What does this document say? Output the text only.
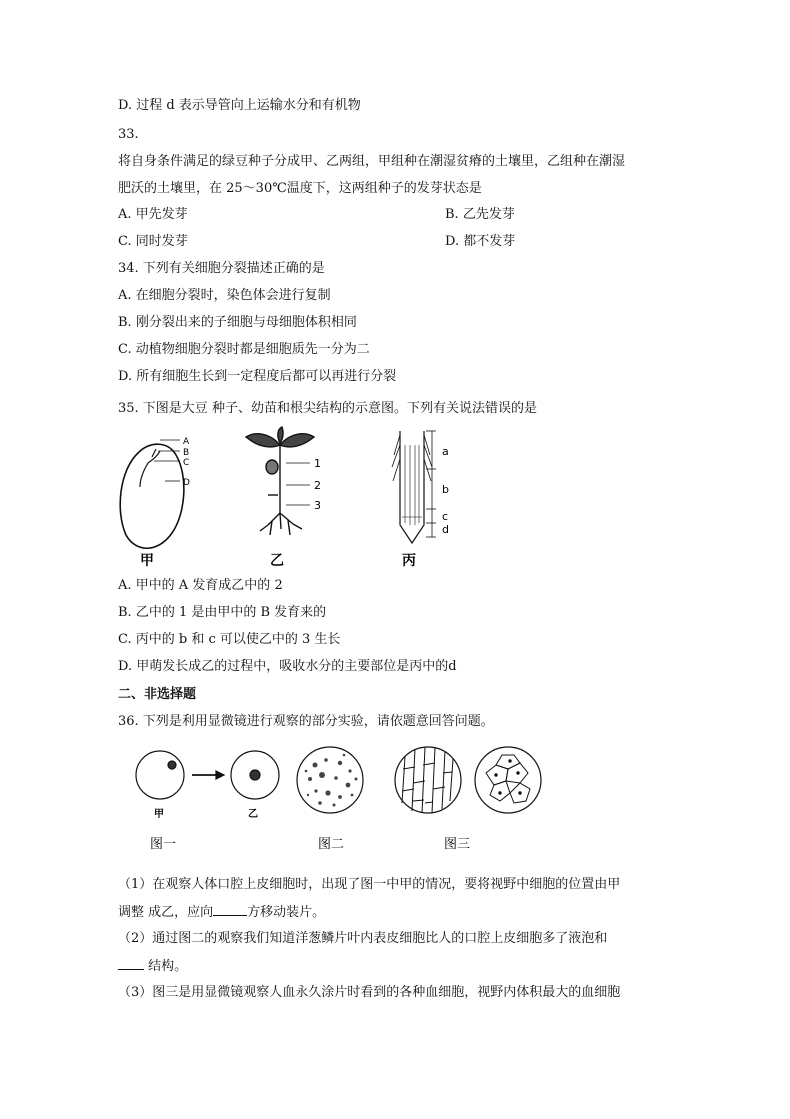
D. 过程 d 表示导管向上运输水分和有机物
33.
将自身条件满足的绿豆种子分成甲、乙两组，甲组种在潮湿贫瘠的土壤里，乙组种在潮湿
肥沃的土壤里，在 25～30℃温度下，这两组种子的发芽状态是
A. 甲先发芽	B. 乙先发芽
C. 同时发芽	D. 都不发芽
34. 下列有关细胞分裂描述正确的是
A. 在细胞分裂时，染色体会进行复制
B. 刚分裂出来的子细胞与母细胞体积相同
C. 动植物细胞分裂时都是细胞质先一分为二
D. 所有细胞生长到一定程度后都可以再进行分裂
35. 下图是大豆 种子、幼苗和根尖结构的示意图。下列有关说法错误的是
A
B
C
D
1
2
3
a
b
c
d
甲	乙	丙
A. 甲中的 A 发育成乙中的 2
B. 乙中的 1 是由甲中的 B 发育来的
C. 丙中的 b 和 c 可以使乙中的 3 生长
D. 甲萌发长成乙的过程中，吸收水分的主要部位是丙中的d
二、非选择题
36. 下列是利用显微镜进行观察的部分实验，请依题意回答问题。
甲	乙
图一	图二	图三
（1）在观察人体口腔上皮细胞时，出现了图一中甲的情况，要将视野中细胞的位置由甲
调整 成乙，应向	方移动装片。
（2）通过图二的观察我们知道洋葱鳞片叶内表皮细胞比人的口腔上皮细胞多了液泡和
结构。
（3）图三是用显微镜观察人血永久涂片时看到的各种血细胞，视野内体积最大的血细胞
